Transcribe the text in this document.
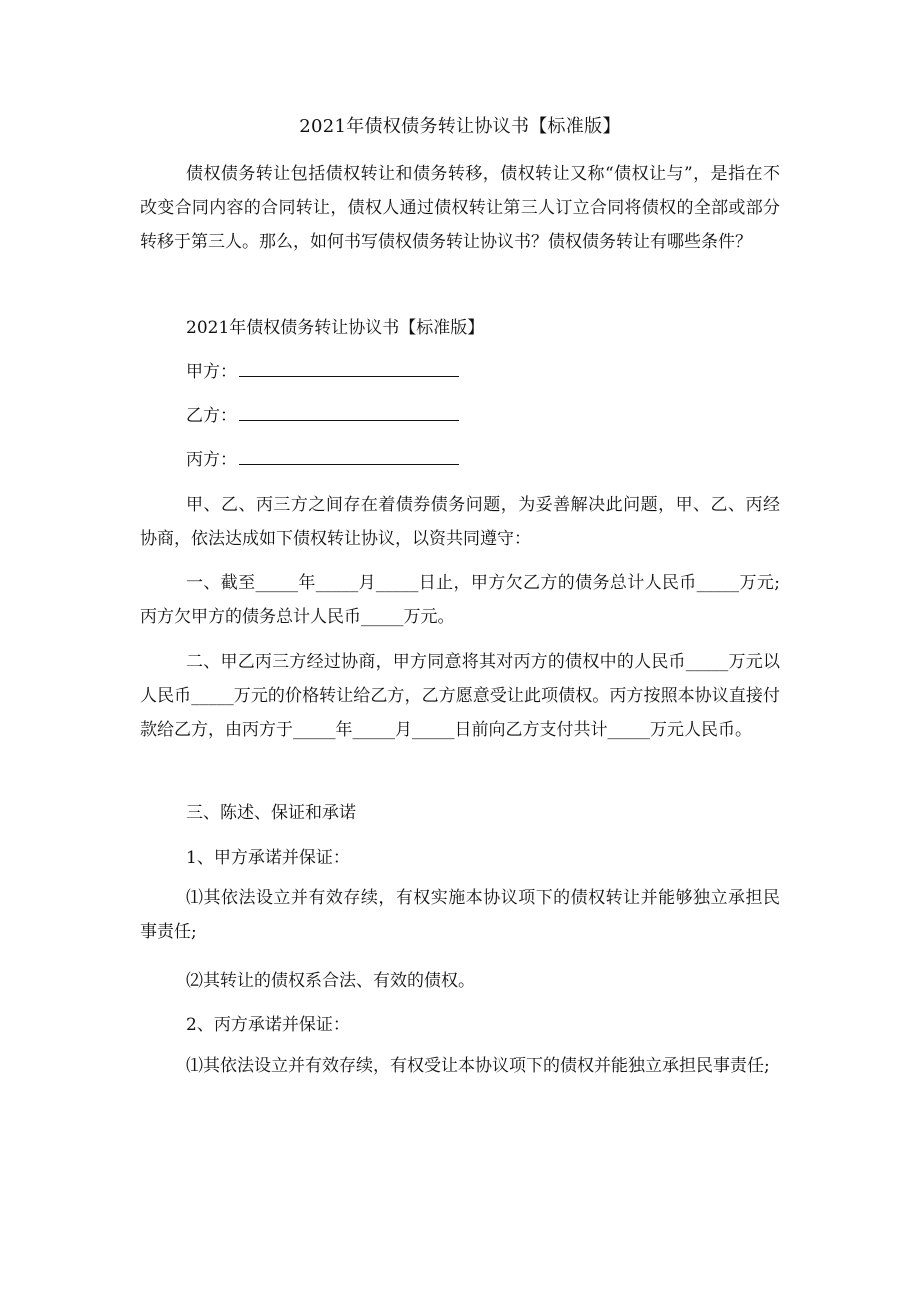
2021年债权债务转让协议书【标准版】
债权债务转让包括债权转让和债务转移，债权转让又称“债权让与”，是指在不改变合同内容的合同转让，债权人通过债权转让第三人订立合同将债权的全部或部分转移于第三人。那么，如何书写债权债务转让协议书？债权债务转让有哪些条件？
2021年债权债务转让协议书【标准版】
甲方：
乙方：
丙方：
甲、乙、丙三方之间存在着债券债务问题，为妥善解决此问题，甲、乙、丙经协商，依法达成如下债权转让协议，以资共同遵守：
一、截至_____年_____月_____日止，甲方欠乙方的债务总计人民币_____万元;丙方欠甲方的债务总计人民币_____万元。
二、甲乙丙三方经过协商，甲方同意将其对丙方的债权中的人民币_____万元以人民币_____万元的价格转让给乙方，乙方愿意受让此项债权。丙方按照本协议直接付款给乙方，由丙方于_____年_____月_____日前向乙方支付共计_____万元人民币。
三、陈述、保证和承诺
1、甲方承诺并保证：
⑴其依法设立并有效存续，有权实施本协议项下的债权转让并能够独立承担民事责任;
⑵其转让的债权系合法、有效的债权。
2、丙方承诺并保证：
⑴其依法设立并有效存续，有权受让本协议项下的债权并能独立承担民事责任;
